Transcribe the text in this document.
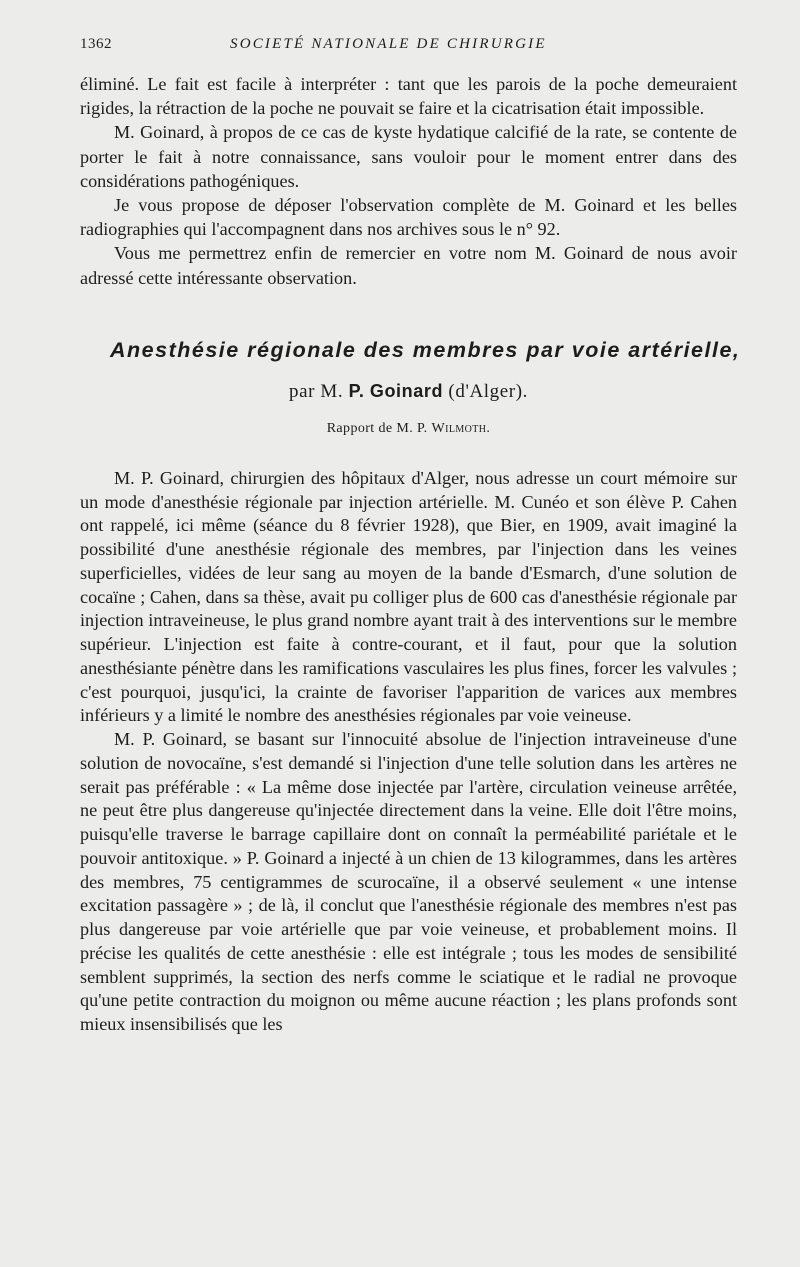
1362	SOCIETÉ NATIONALE DE CHIRURGIE

éliminé. Le fait est facile à interpréter : tant que les parois de la poche demeuraient rigides, la rétraction de la poche ne pouvait se faire et la cicatrisation était impossible.

M. Goinard, à propos de ce cas de kyste hydatique calcifié de la rate, se contente de porter le fait à notre connaissance, sans vouloir pour le moment entrer dans des considérations pathogéniques.

Je vous propose de déposer l'observation complète de M. Goinard et les belles radiographies qui l'accompagnent dans nos archives sous le n° 92.

Vous me permettrez enfin de remercier en votre nom M. Goinard de nous avoir adressé cette intéressante observation.

Anesthésie régionale des membres par voie artérielle,
par M. P. Goinard (d'Alger).
Rapport de M. P. Wilmoth.

M. P. Goinard, chirurgien des hôpitaux d'Alger, nous adresse un court mémoire sur un mode d'anesthésie régionale par injection artérielle. M. Cunéo et son élève P. Cahen ont rappelé, ici même (séance du 8 février 1928), que Bier, en 1909, avait imaginé la possibilité d'une anesthésie régionale des membres, par l'injection dans les veines superficielles, vidées de leur sang au moyen de la bande d'Esmarch, d'une solution de cocaïne ; Cahen, dans sa thèse, avait pu colliger plus de 600 cas d'anesthésie régionale par injection intraveineuse, le plus grand nombre ayant trait à des interventions sur le membre supérieur. L'injection est faite à contre-courant, et il faut, pour que la solution anesthésiante pénètre dans les ramifications vasculaires les plus fines, forcer les valvules ; c'est pourquoi, jusqu'ici, la crainte de favoriser l'apparition de varices aux membres inférieurs y a limité le nombre des anesthésies régionales par voie veineuse.

M. P. Goinard, se basant sur l'innocuité absolue de l'injection intraveineuse d'une solution de novocaïne, s'est demandé si l'injection d'une telle solution dans les artères ne serait pas préférable : « La même dose injectée par l'artère, circulation veineuse arrêtée, ne peut être plus dangereuse qu'injectée directement dans la veine. Elle doit l'être moins, puisqu'elle traverse le barrage capillaire dont on connaît la perméabilité pariétale et le pouvoir antitoxique. » P. Goinard a injecté à un chien de 13 kilogrammes, dans les artères des membres, 75 centigrammes de scurocaïne, il a observé seulement « une intense excitation passagère » ; de là, il conclut que l'anesthésie régionale des membres n'est pas plus dangereuse par voie artérielle que par voie veineuse, et probablement moins. Il précise les qualités de cette anesthésie : elle est intégrale ; tous les modes de sensibilité semblent supprimés, la section des nerfs comme le sciatique et le radial ne provoque qu'une petite contraction du moignon ou même aucune réaction ; les plans profonds sont mieux insensibilisés que les
